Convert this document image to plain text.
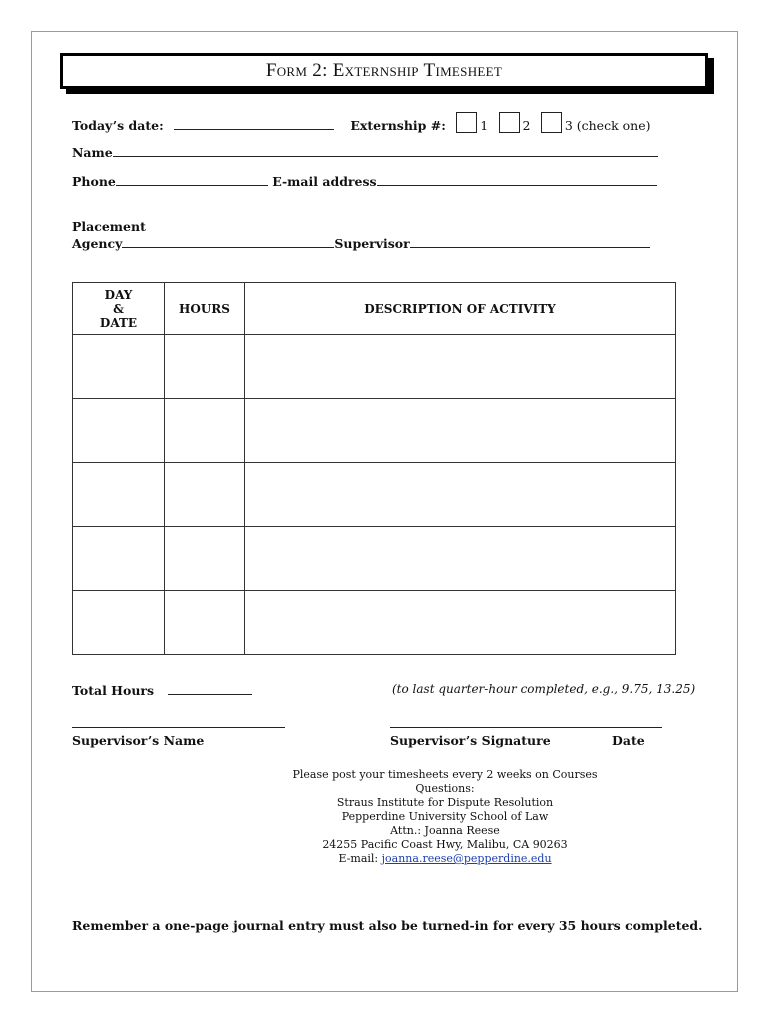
Form 2: Externship Timesheet
Today’s date:	Externship #:	1	2	3 (check one)
Name
Phone	E-mail address
Placement
Agency	Supervisor
DAY
&
DATE	HOURS	DESCRIPTION OF ACTIVITY

Total Hours	(to last quarter-hour completed, e.g., 9.75, 13.25)
Supervisor’s Name	Supervisor’s Signature	Date
Please post your timesheets every 2 weeks on Courses
Questions:
Straus Institute for Dispute Resolution
Pepperdine University School of Law
Attn.: Joanna Reese
24255 Pacific Coast Hwy, Malibu, CA 90263
E-mail: joanna.reese@pepperdine.edu
Remember a one-page journal entry must also be turned-in for every 35 hours completed.
